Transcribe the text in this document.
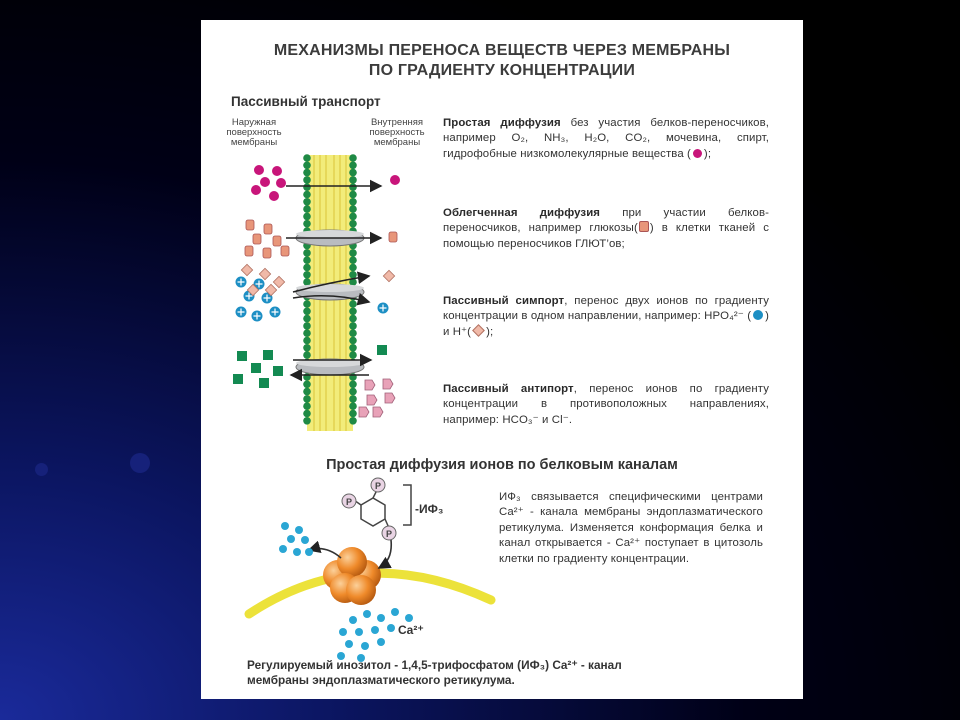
МЕХАНИЗМЫ ПЕРЕНОСА ВЕЩЕСТВ ЧЕРЕЗ МЕМБРАНЫ
ПО ГРАДИЕНТУ КОНЦЕНТРАЦИИ
Пассивный транспорт
Наружная
поверхность
мембраны
Внутренняя
поверхность
мембраны
P
P
P
Простая диффузия без участия белков-переносчиков, например O₂, NH₃, H₂O, CO₂, мочевина, спирт, гидрофобные низкомолекулярные вещества ( );
Облегченная диффузия при участии белков-переносчиков, например глюкозы( ) в клетки тканей с помощью переносчиков ГЛЮТ’ов;
Пассивный симпорт, перенос двух ионов по градиенту концентрации в одном направлении, например: HPO₄²⁻ ( ) и H⁺( );
Пассивный антипорт, перенос ионов по градиенту концентрации в противоположных направлениях, например: HCO₃⁻ и Cl⁻.
Простая диффузия ионов по белковым каналам
-ИФ₃
ИФ₃ связывается специфическими центрами Ca²⁺ - канала мембраны эндоплазматического ретикулума. Изменяется конформация белка и канал открывается - Ca²⁺ поступает в цитозоль клетки по градиенту концентрации.
Ca²⁺
Регулируемый инозитол - 1,4,5-трифосфатом (ИФ₃) Ca²⁺ - канал
мембраны эндоплазматического ретикулума.
